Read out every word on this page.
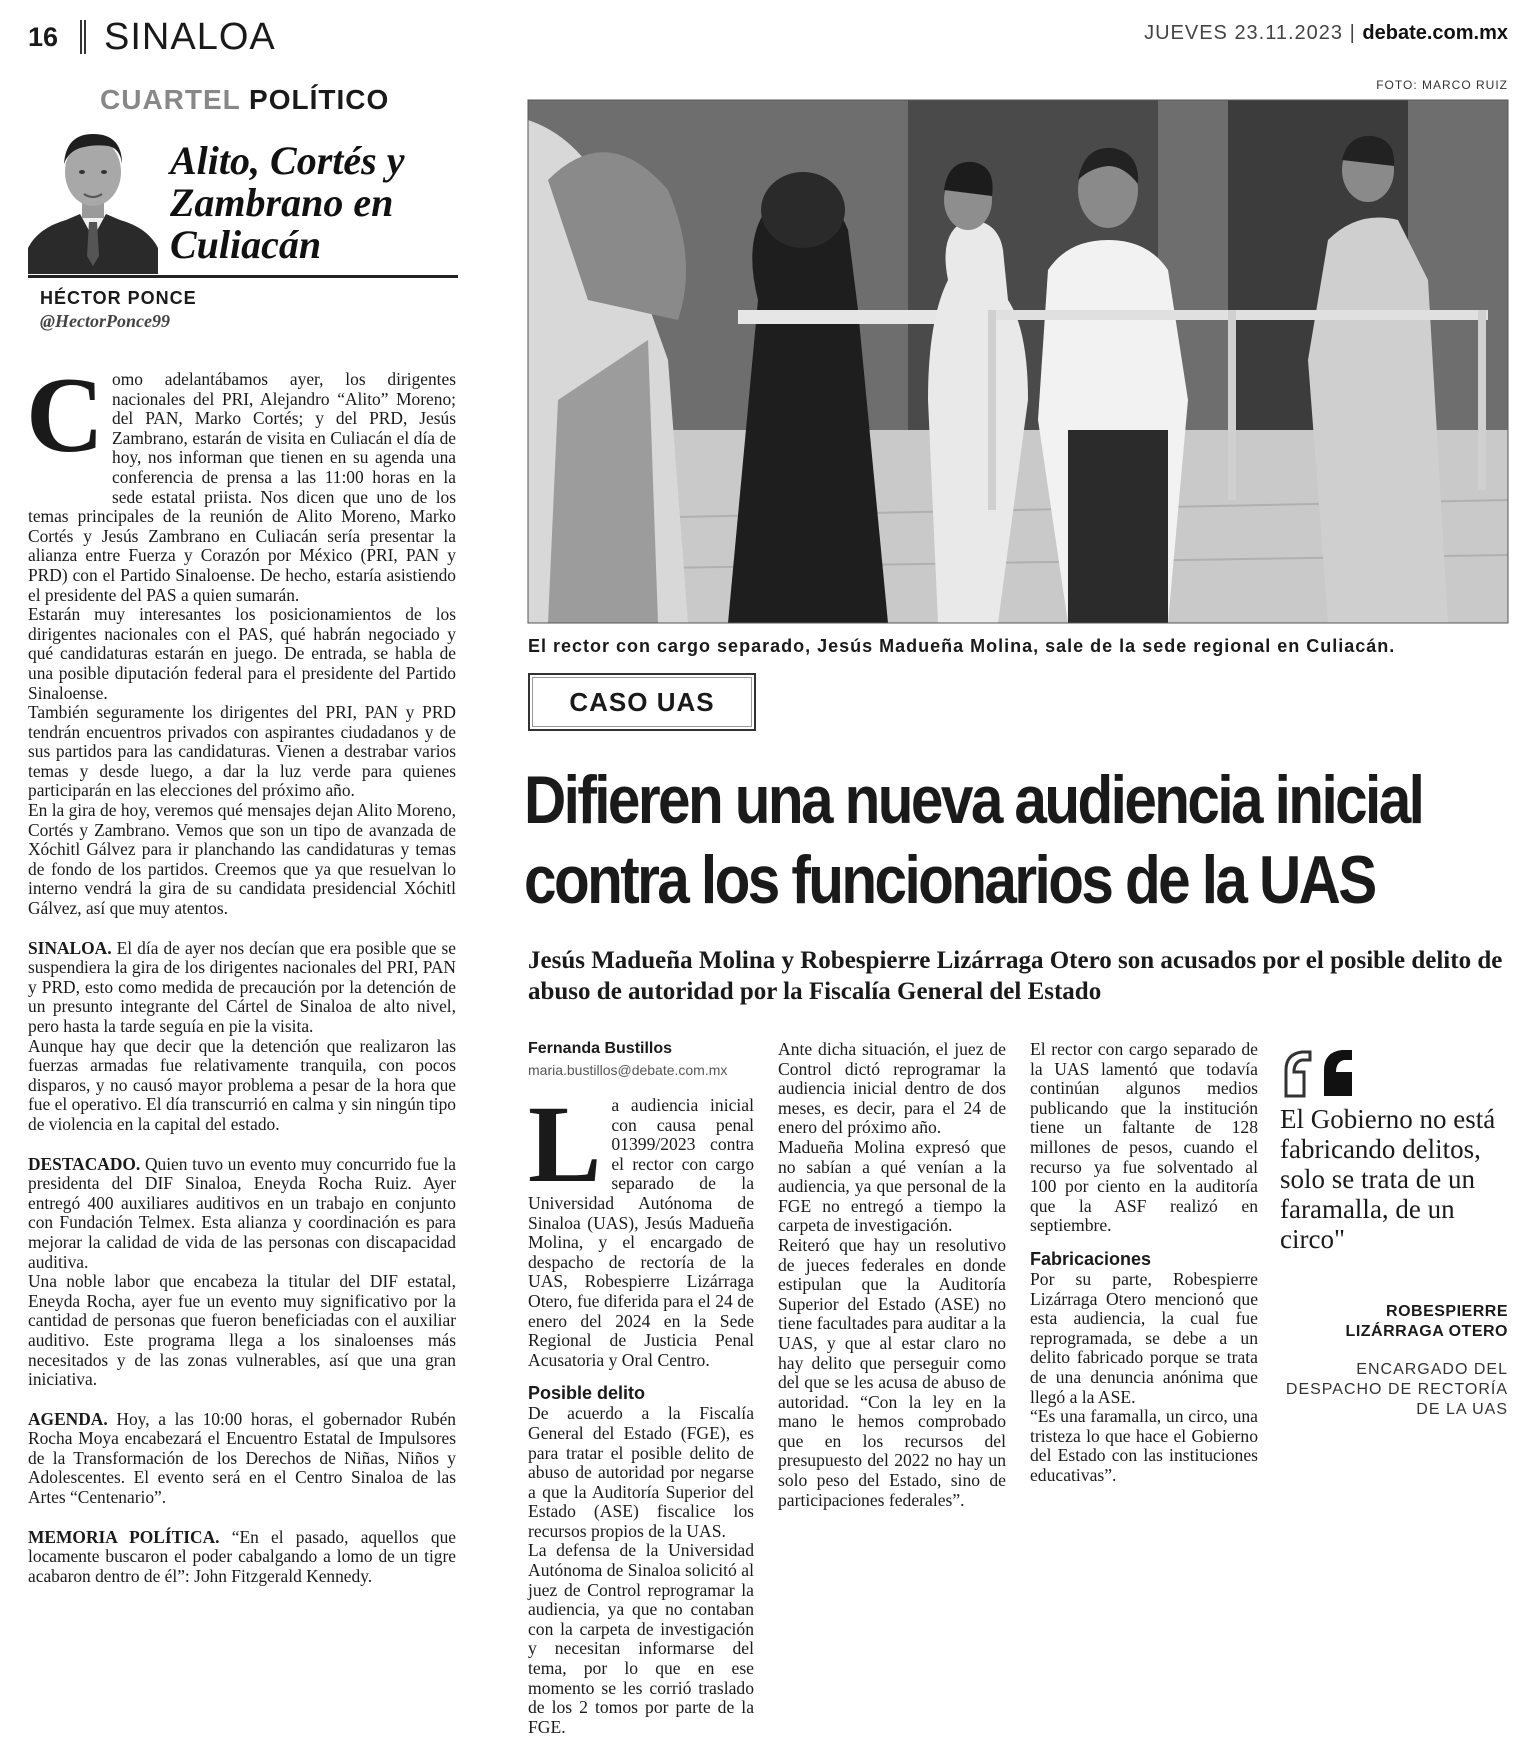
16 SINALOA	JUEVES 23.11.2023 | debate.com.mx
CUARTEL POLÍTICO
Alito, Cortés y Zambrano en Culiacán
HÉCTOR PONCE
@HectorPonce99

Como adelantábamos ayer, los dirigentes nacionales del PRI, Alejandro “Alito” Moreno; del PAN, Marko Cortés; y del PRD, Jesús Zambrano, estarán de visita en Culiacán el día de hoy, nos informan que tienen en su agenda una conferencia de prensa a las 11:00 horas en la sede estatal priista. Nos dicen que uno de los temas principales de la reunión de Alito Moreno, Marko Cortés y Jesús Zambrano en Culiacán sería presentar la alianza entre Fuerza y Corazón por México (PRI, PAN y PRD) con el Partido Sinaloense. De hecho, estaría asistiendo el presidente del PAS a quien sumarán.

Estarán muy interesantes los posicionamientos de los dirigentes nacionales con el PAS, qué habrán negociado y qué candidaturas estarán en juego. De entrada, se habla de una posible diputación federal para el presidente del Partido Sinaloense.

También seguramente los dirigentes del PRI, PAN y PRD tendrán encuentros privados con aspirantes ciudadanos y de sus partidos para las candidaturas. Vienen a destrabar varios temas y desde luego, a dar la luz verde para quienes participarán en las elecciones del próximo año.

En la gira de hoy, veremos qué mensajes dejan Alito Moreno, Cortés y Zambrano. Vemos que son un tipo de avanzada de Xóchitl Gálvez para ir planchando las candidaturas y temas de fondo de los partidos. Creemos que ya que resuelvan lo interno vendrá la gira de su candidata presidencial Xóchitl Gálvez, así que muy atentos.

SINALOA. El día de ayer nos decían que era posible que se suspendiera la gira de los dirigentes nacionales del PRI, PAN y PRD, esto como medida de precaución por la detención de un presunto integrante del Cártel de Sinaloa de alto nivel, pero hasta la tarde seguía en pie la visita.

Aunque hay que decir que la detención que realizaron las fuerzas armadas fue relativamente tranquila, con pocos disparos, y no causó mayor problema a pesar de la hora que fue el operativo. El día transcurrió en calma y sin ningún tipo de violencia en la capital del estado.

DESTACADO. Quien tuvo un evento muy concurrido fue la presidenta del DIF Sinaloa, Eneyda Rocha Ruiz. Ayer entregó 400 auxiliares auditivos en un trabajo en conjunto con Fundación Telmex. Esta alianza y coordinación es para mejorar la calidad de vida de las personas con discapacidad auditiva.

Una noble labor que encabeza la titular del DIF estatal, Eneyda Rocha, ayer fue un evento muy significativo por la cantidad de personas que fueron beneficiadas con el auxiliar auditivo. Este programa llega a los sinaloenses más necesitados y de las zonas vulnerables, así que una gran iniciativa.

AGENDA. Hoy, a las 10:00 horas, el gobernador Rubén Rocha Moya encabezará el Encuentro Estatal de Impulsores de la Transformación de los Derechos de Niñas, Niños y Adolescentes. El evento será en el Centro Sinaloa de las Artes “Centenario”.

MEMORIA POLÍTICA. “En el pasado, aquellos que locamente buscaron el poder cabalgando a lomo de un tigre acabaron dentro de él”: John Fitzgerald Kennedy.

FOTO: MARCO RUIZ
El rector con cargo separado, Jesús Madueña Molina, sale de la sede regional en Culiacán.
CASO UAS
Difieren una nueva audiencia inicial
contra los funcionarios de la UAS
Jesús Madueña Molina y Robespierre Lizárraga Otero son acusados por el posible delito de abuso de autoridad por la Fiscalía General del Estado
Fernanda Bustillos
maria.bustillos@debate.com.mx

La audiencia inicial con causa penal 01399/2023 contra el rector con cargo separado de la Universidad Autónoma de Sinaloa (UAS), Jesús Madueña Molina, y el encargado de despacho de rectoría de la UAS, Robespierre Lizárraga Otero, fue diferida para el 24 de enero del 2024 en la Sede Regional de Justicia Penal Acusatoria y Oral Centro.

Posible delito

De acuerdo a la Fiscalía General del Estado (FGE), es para tratar el posible delito de abuso de autoridad por negarse a que la Auditoría Superior del Estado (ASE) fiscalice los recursos propios de la UAS.

La defensa de la Universidad Autónoma de Sinaloa solicitó al juez de Control reprogramar la audiencia, ya que no contaban con la carpeta de investigación y necesitan informarse del tema, por lo que en ese momento se les corrió traslado de los 2 tomos por parte de la FGE.

Ante dicha situación, el juez de Control dictó reprogramar la audiencia inicial dentro de dos meses, es decir, para el 24 de enero del próximo año.

Madueña Molina expresó que no sabían a qué venían a la audiencia, ya que personal de la FGE no entregó a tiempo la carpeta de investigación.

Reiteró que hay un resolutivo de jueces federales en donde estipulan que la Auditoría Superior del Estado (ASE) no tiene facultades para auditar a la UAS, y que al estar claro no hay delito que perseguir como del que se les acusa de abuso de autoridad. “Con la ley en la mano le hemos comprobado que en los recursos del presupuesto del 2022 no hay un solo peso del Estado, sino de participaciones federales”.

El rector con cargo separado de la UAS lamentó que todavía continúan algunos medios publicando que la institución tiene un faltante de 128 millones de pesos, cuando el recurso ya fue solventado al 100 por ciento en la auditoría que la ASF realizó en septiembre.

Fabricaciones

Por su parte, Robespierre Lizárraga Otero mencionó que esta audiencia, la cual fue reprogramada, se debe a un delito fabricado porque se trata de una denuncia anónima que llegó a la ASE.

“Es una faramalla, un circo, una tristeza lo que hace el Gobierno del Estado con las instituciones educativas”.

El Gobierno no está fabricando delitos, solo se trata de un faramalla, de un circo"
ROBESPIERRE
LIZÁRRAGA OTERO
ENCARGADO DEL
DESPACHO DE RECTORÍA
DE LA UAS
